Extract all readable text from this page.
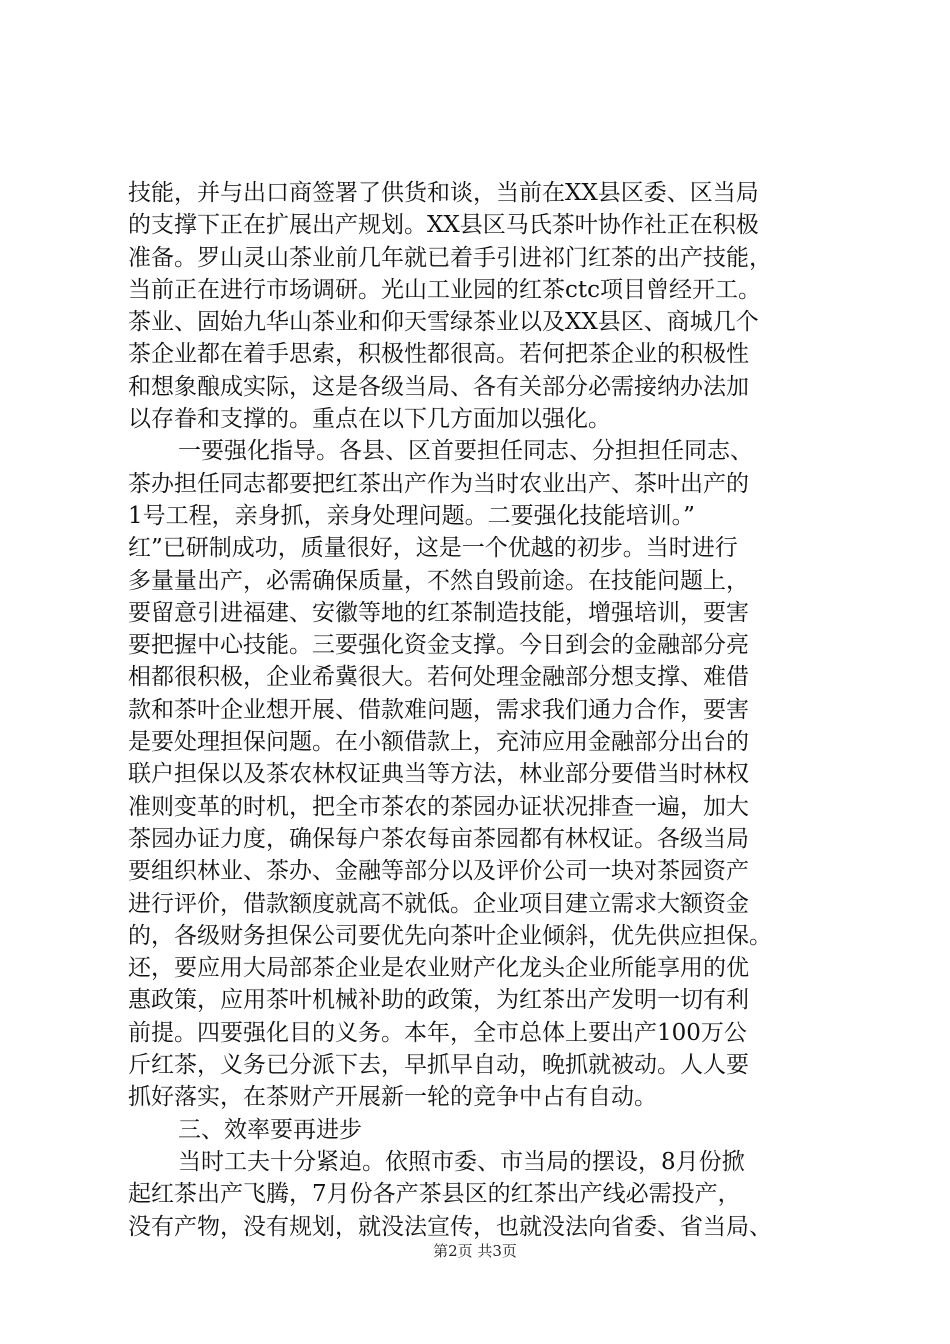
技能，并与出口商签署了供货和谈，当前在XX县区委、区当局
的支撑下正在扩展出产规划。XX县区马氏茶叶协作社正在积极
准备。罗山灵山茶业前几年就已着手引进祁门红茶的出产技能，
当前正在进行市场调研。光山工业园的红茶ctc项目曾经开工。
茶业、固始九华山茶业和仰天雪绿茶业以及XX县区、商城几个
茶企业都在着手思索，积极性都很高。若何把茶企业的积极性
和想象酿成实际，这是各级当局、各有关部分必需接纳办法加
以存眷和支撑的。重点在以下几方面加以强化。
一要强化指导。各县、区首要担任同志、分担担任同志、
茶办担任同志都要把红茶出产作为当时农业出产、茶叶出产的
1号工程，亲身抓，亲身处理问题。二要强化技能培训。”
红”已研制成功，质量很好，这是一个优越的初步。当时进行
多量量出产，必需确保质量，不然自毁前途。在技能问题上，
要留意引进福建、安徽等地的红茶制造技能，增强培训，要害
要把握中心技能。三要强化资金支撑。今日到会的金融部分亮
相都很积极，企业希冀很大。若何处理金融部分想支撑、难借
款和茶叶企业想开展、借款难问题，需求我们通力合作，要害
是要处理担保问题。在小额借款上，充沛应用金融部分出台的
联户担保以及茶农林权证典当等方法，林业部分要借当时林权
准则变革的时机，把全市茶农的茶园办证状况排查一遍，加大
茶园办证力度，确保每户茶农每亩茶园都有林权证。各级当局
要组织林业、茶办、金融等部分以及评价公司一块对茶园资产
进行评价，借款额度就高不就低。企业项目建立需求大额资金
的，各级财务担保公司要优先向茶叶企业倾斜，优先供应担保。
还，要应用大局部茶企业是农业财产化龙头企业所能享用的优
惠政策，应用茶叶机械补助的政策，为红茶出产发明一切有利
前提。四要强化目的义务。本年，全市总体上要出产100万公
斤红茶，义务已分派下去，早抓早自动，晚抓就被动。人人要
抓好落实，在茶财产开展新一轮的竞争中占有自动。
三、效率要再进步
当时工夫十分紧迫。依照市委、市当局的摆设，8月份掀
起红茶出产飞腾，7月份各产茶县区的红茶出产线必需投产，
没有产物，没有规划，就没法宣传，也就没法向省委、省当局、
第2页 共3页
